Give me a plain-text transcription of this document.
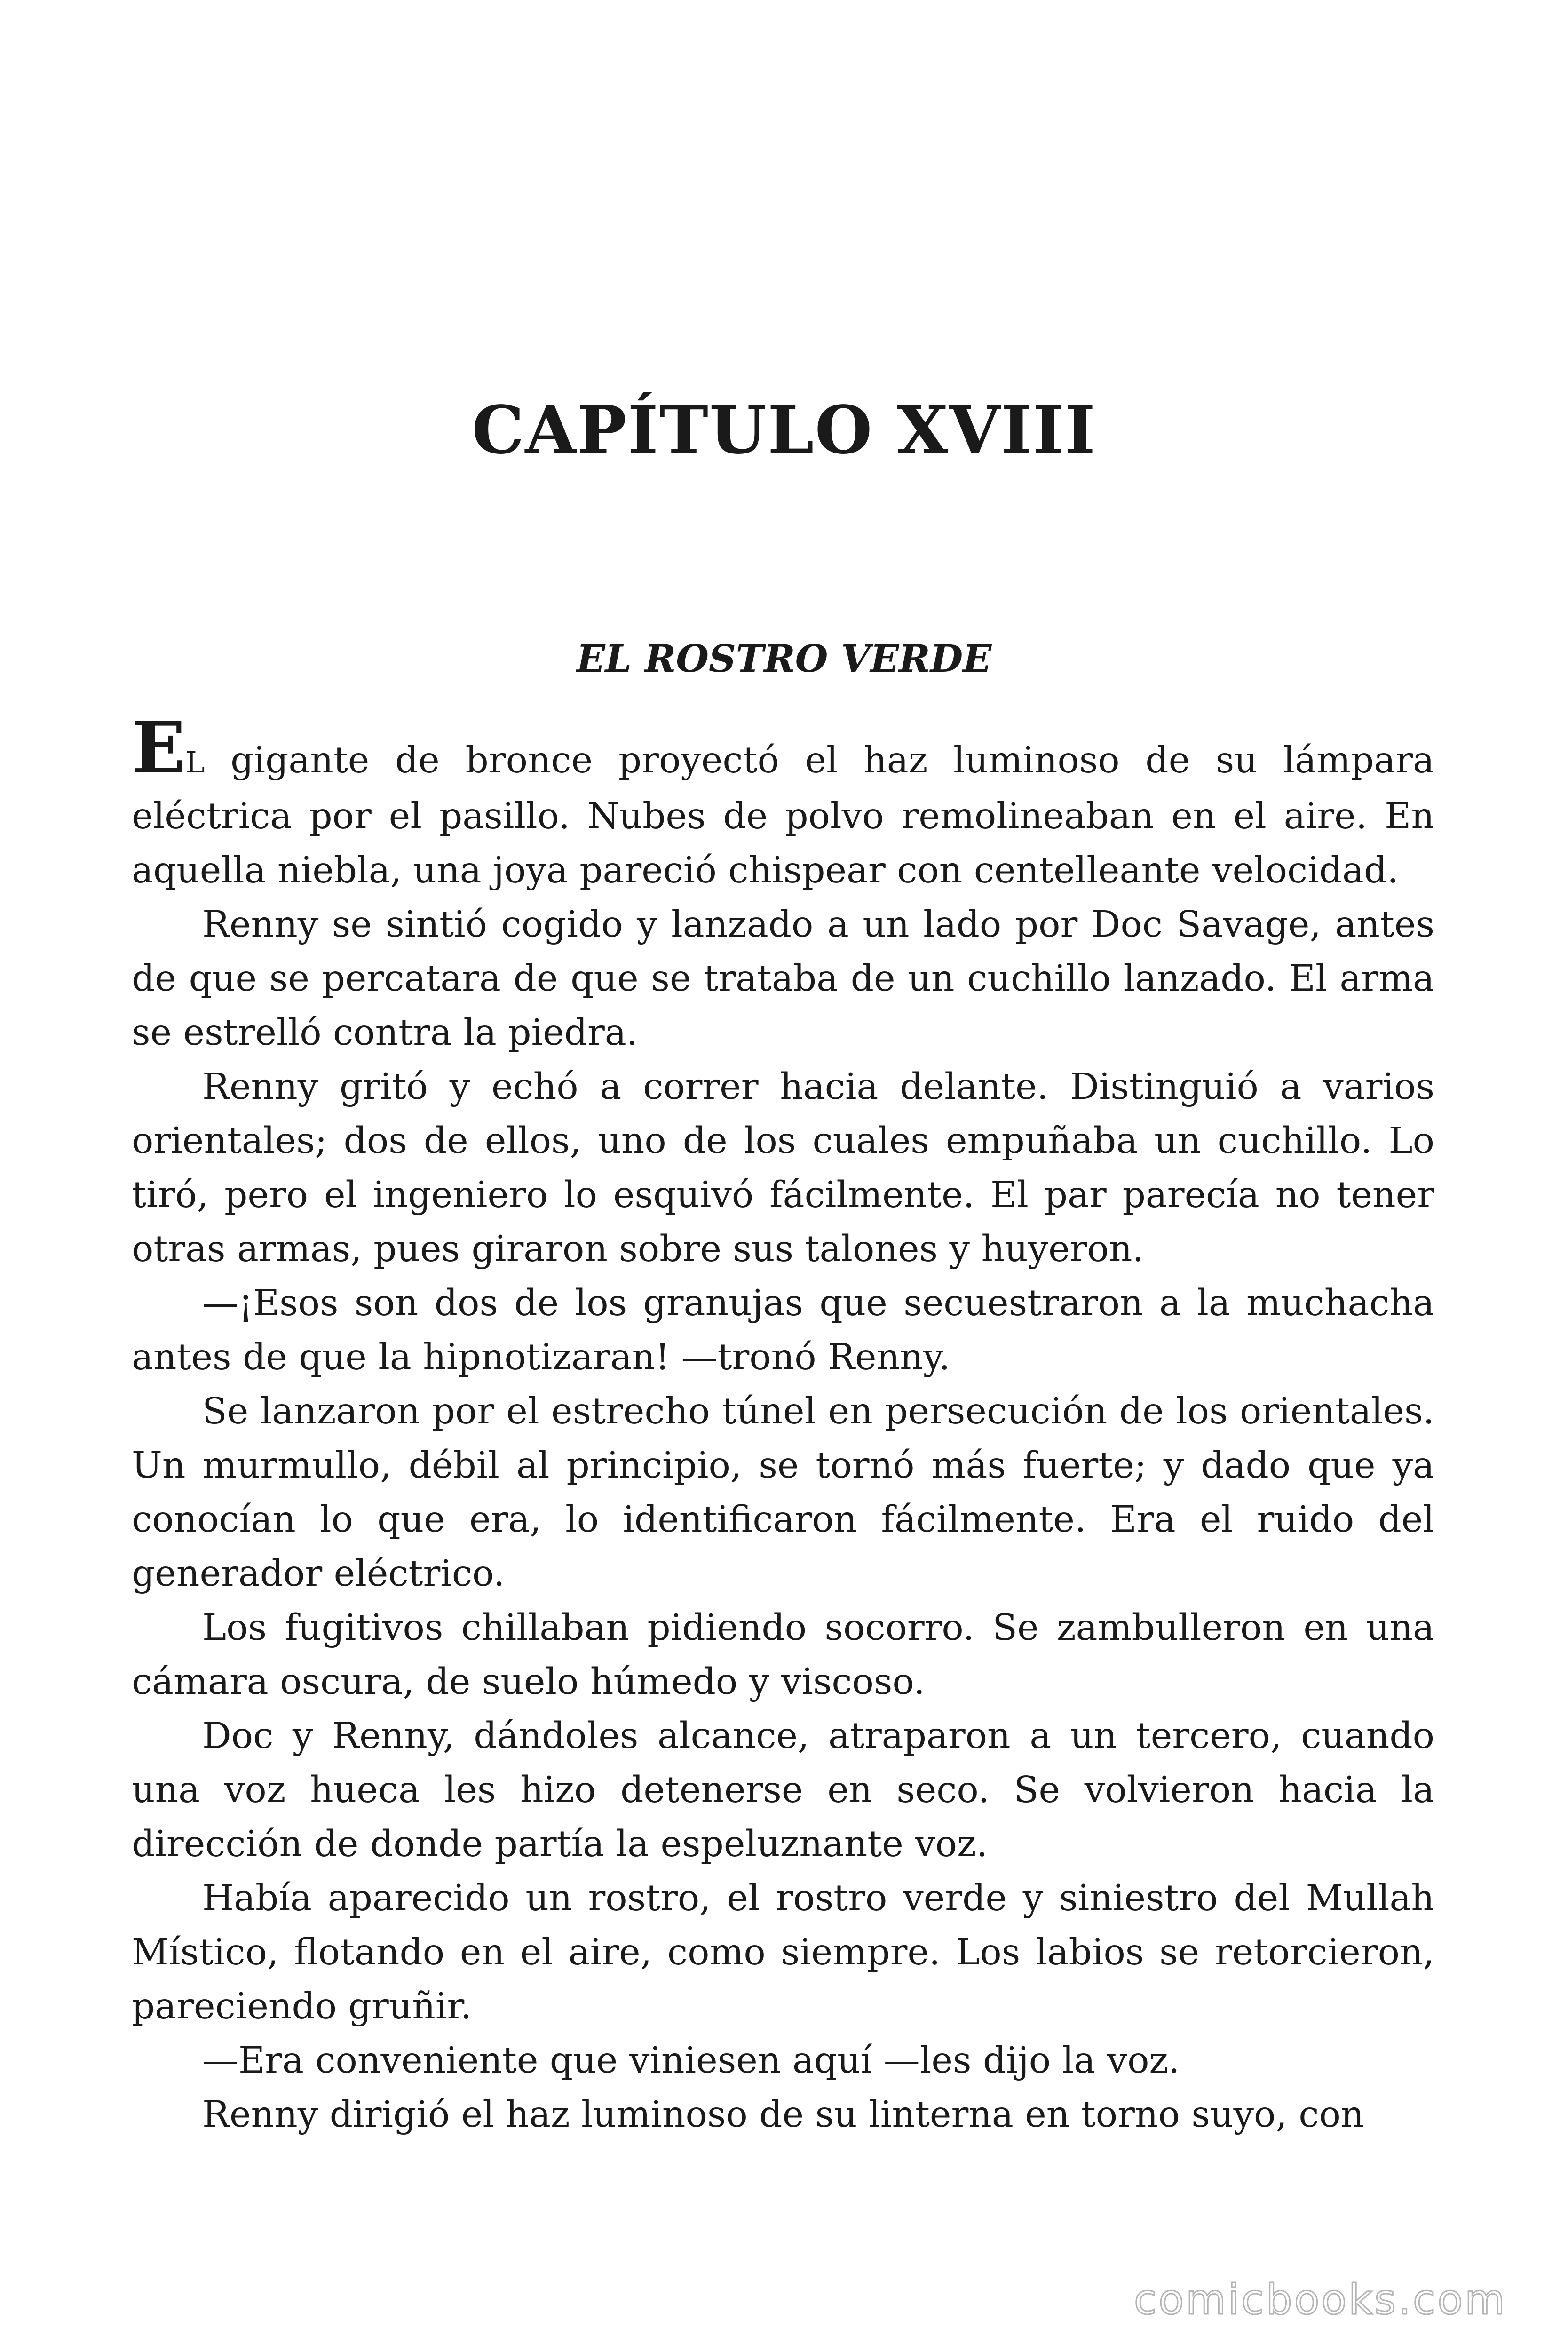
CAPÍTULO XVIII
EL ROSTRO VERDE

EL gigante de bronce proyectó el haz luminoso de su lámpara eléctrica por el pasillo. Nubes de polvo remolineaban en el aire. En aquella niebla, una joya pareció chispear con centelleante velocidad.

Renny se sintió cogido y lanzado a un lado por Doc Savage, antes de que se percatara de que se trataba de un cuchillo lanzado. El arma se estrelló contra la piedra.

Renny gritó y echó a correr hacia delante. Distinguió a varios orientales; dos de ellos, uno de los cuales empuñaba un cuchillo. Lo tiró, pero el ingeniero lo esquivó fácilmente. El par parecía no tener otras armas, pues giraron sobre sus talones y huyeron.

—¡Esos son dos de los granujas que secuestraron a la muchacha antes de que la hipnotizaran! —tronó Renny.

Se lanzaron por el estrecho túnel en persecución de los orientales. Un murmullo, débil al principio, se tornó más fuerte; y dado que ya conocían lo que era, lo identificaron fácilmente. Era el ruido del generador eléctrico.

Los fugitivos chillaban pidiendo socorro. Se zambulleron en una cámara oscura, de suelo húmedo y viscoso.

Doc y Renny, dándoles alcance, atraparon a un tercero, cuando una voz hueca les hizo detenerse en seco. Se volvieron hacia la dirección de donde partía la espeluznante voz.

Había aparecido un rostro, el rostro verde y siniestro del Mullah Místico, flotando en el aire, como siempre. Los labios se retorcieron, pareciendo gruñir.

—Era conveniente que viniesen aquí —les dijo la voz.

Renny dirigió el haz luminoso de su linterna en torno suyo, con

comicbooks.com
